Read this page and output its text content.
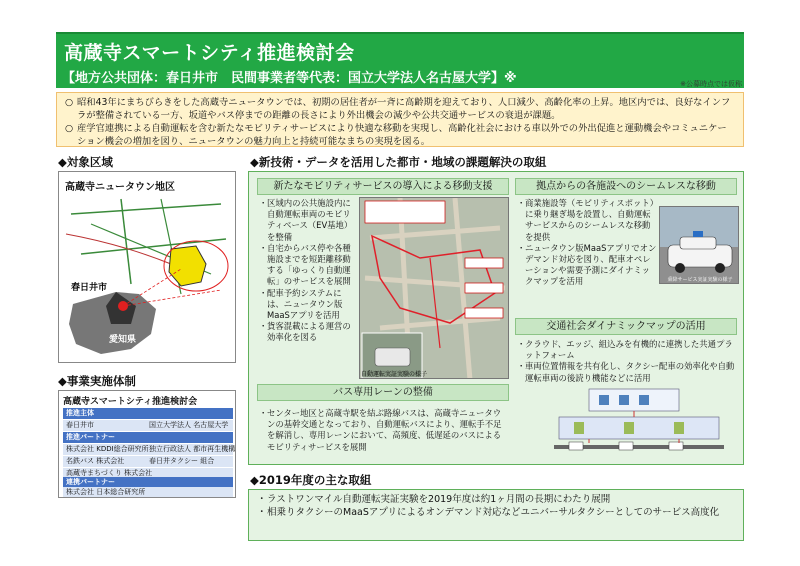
高蔵寺スマートシティ推進検討会
【地方公共団体：春日井市　民間事業者等代表：国立大学法人名古屋大学】※	※公募時点では仮称

○ 昭和43年にまちびらきをした高蔵寺ニュータウンでは、初期の居住者が一斉に高齢期を迎えており、人口減少、高齢化率の上昇。地区内では、良好なインフラが整備されている一方、坂道やバス停までの距離の長さにより外出機会の減少や公共交通サービスの衰退が課題。

○ 産学官連携による自動運転を含む新たなモビリティサービスにより快適な移動を実現し、高齢化社会における車以外での外出促進と運動機会やコミュニケーション機会の増加を図り、ニュータウンの魅力向上と持続可能なまちの実現を図る。

◆対象区域	◆新技術・データを活用した都市・地域の課題解決の取組
◆事業実施体制
◆2019年度の主な取組
高蔵寺ニュータウン地区
春日井市
愛知県
高蔵寺スマートシティ推進検討会
推進主体
春日井市	国立大学法人 名古屋大学
推進パートナー
株式会社 KDDI総合研究所 独立行政法人 都市再生機構
名鉄バス 株式会社	春日井タクシー 組合
高蔵寺まちづくり 株式会社
連携パートナー
株式会社 日本総合研究所
新たなモビリティサービスの導入による移動支援
・ 区域内の公共施設内に自動運転車両のモビリティベース（EV基地）を整備
・ 自宅からバス停や各種施設までを短距離移動する「ゆっくり自動運転」のサービスを展開
・ 配車予約システムには、ニュータウン版MaaSアプリを活用
・ 貨客混載による運営の効率化を図る
自動運転実証実験の様子
拠点からの各施設へのシームレスな移動
・ 商業施設等（モビリティスポット）に乗り継ぎ場を設置し、自動運転サービスからのシームレスな移動を提供
・ ニュータウン版MaaSアプリでオンデマンド対応を図り、配車オペレーションや需要予測にダイナミックマップを活用	乗降サービス実証実験の様子
交通社会ダイナミックマップの活用
・ クラウド、エッジ、組込みを有機的に連携した共通プラットフォーム
・ 車両位置情報を共有化し、タクシー配車の効率化や自動運転車両の後読り機能などに活用
バス専用レーンの整備
・ センター地区と高蔵寺駅を結ぶ路線バスは、高蔵寺ニュータウンの基幹交通となっており、自動運転バスにより、運転手不足を解消し、専用レーンにおいて、高頻度、低遅延のバスによるモビリティサービスを展開
・ ラストワンマイル自動運転実証実験を2019年度は約1ヶ月間の長期にわたり展開
・ 相乗りタクシーのMaaSアプリによるオンデマンド対応などユニバーサルタクシーとしてのサービス高度化
